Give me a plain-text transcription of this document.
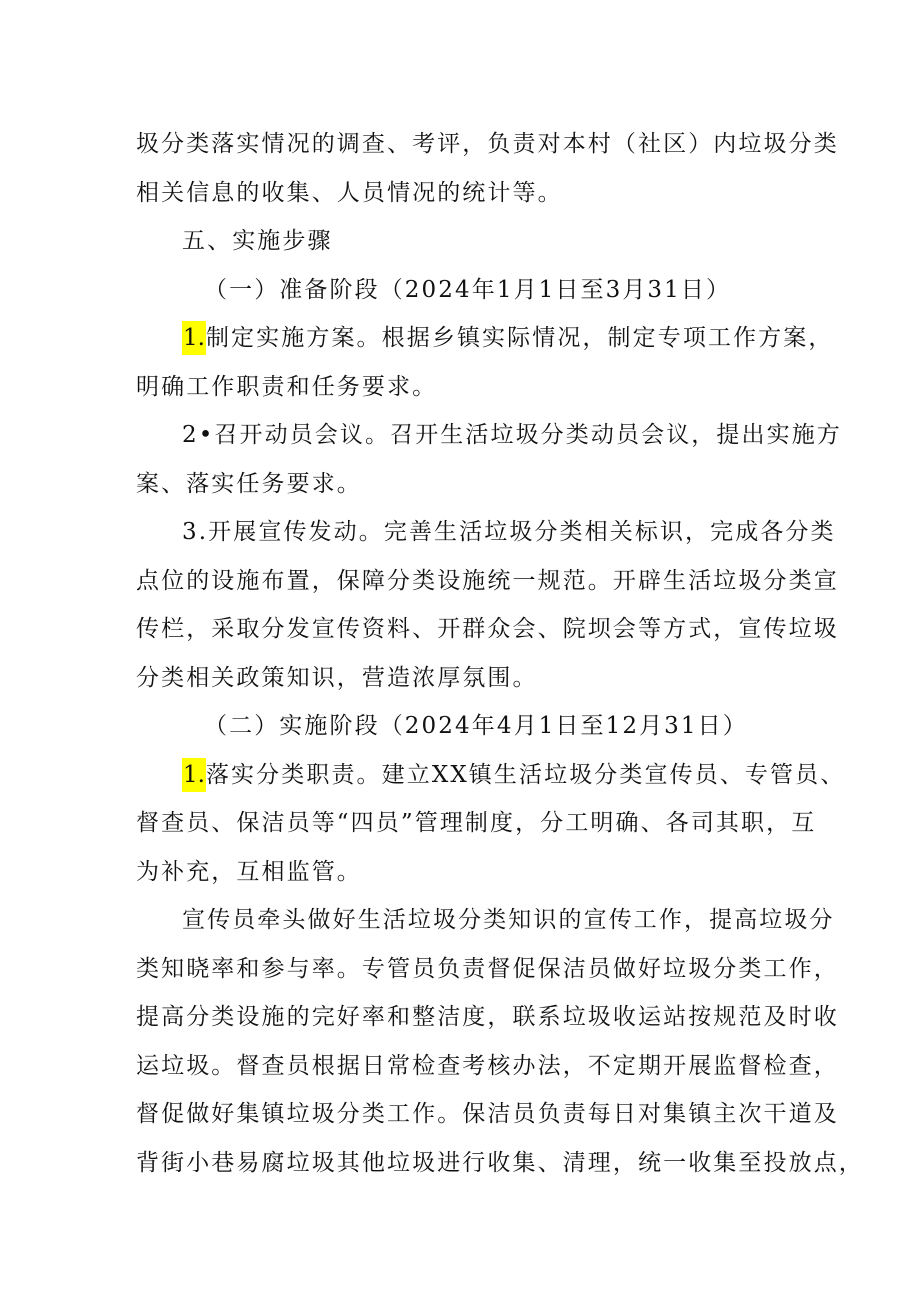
圾分类落实情况的调查、考评，负责对本村（社区）内垃圾分类
相关信息的收集、人员情况的统计等。
五、实施步骤
（一）准备阶段（2024年1月1日至3月31日）
1.制定实施方案。根据乡镇实际情况，制定专项工作方案，
明确工作职责和任务要求。
2•召开动员会议。召开生活垃圾分类动员会议，提出实施方
案、落实任务要求。
3.开展宣传发动。完善生活垃圾分类相关标识，完成各分类
点位的设施布置，保障分类设施统一规范。开辟生活垃圾分类宣
传栏，采取分发宣传资料、开群众会、院坝会等方式，宣传垃圾
分类相关政策知识，营造浓厚氛围。
（二）实施阶段（2024年4月1日至12月31日）
1.落实分类职责。建立XX镇生活垃圾分类宣传员、专管员、
督查员、保洁员等“四员”管理制度，分工明确、各司其职，互
为补充，互相监管。
宣传员牵头做好生活垃圾分类知识的宣传工作，提高垃圾分
类知晓率和参与率。专管员负责督促保洁员做好垃圾分类工作，
提高分类设施的完好率和整洁度，联系垃圾收运站按规范及时收
运垃圾。督查员根据日常检查考核办法，不定期开展监督检查，
督促做好集镇垃圾分类工作。保洁员负责每日对集镇主次干道及
背街小巷易腐垃圾其他垃圾进行收集、清理，统一收集至投放点，
